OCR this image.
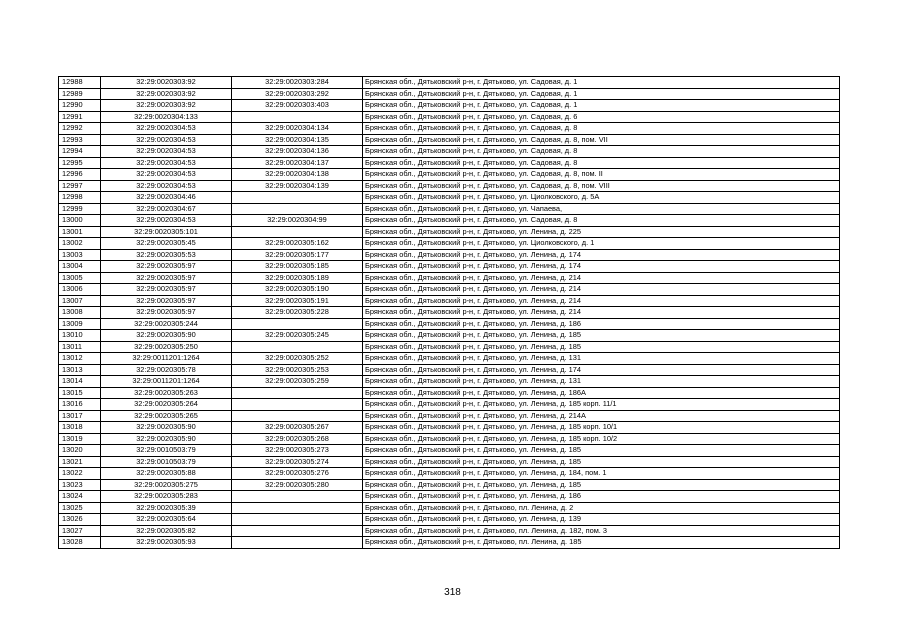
12988	32:29:0020303:92	32:29:0020303:284	Брянская обл., Дятьковский р-н, г. Дятьково, ул. Садовая, д. 1
12989	32:29:0020303:92	32:29:0020303:292	Брянская обл., Дятьковский р-н, г. Дятьково, ул. Садовая, д. 1
12990	32:29:0020303:92	32:29:0020303:403	Брянская обл., Дятьковский р-н, г. Дятьково, ул. Садовая, д. 1
12991	32:29:0020304:133		Брянская обл., Дятьковский р-н, г. Дятьково, ул. Садовая, д. 6
12992	32:29:0020304:53	32:29:0020304:134	Брянская обл., Дятьковский р-н, г. Дятьково, ул. Садовая, д. 8
12993	32:29:0020304:53	32:29:0020304:135	Брянская обл., Дятьковский р-н, г. Дятьково, ул. Садовая, д. 8, пом. VII
12994	32:29:0020304:53	32:29:0020304:136	Брянская обл., Дятьковский р-н, г. Дятьково, ул. Садовая, д. 8
12995	32:29:0020304:53	32:29:0020304:137	Брянская обл., Дятьковский р-н, г. Дятьково, ул. Садовая, д. 8
12996	32:29:0020304:53	32:29:0020304:138	Брянская обл., Дятьковский р-н, г. Дятьково, ул. Садовая, д. 8, пом. II
12997	32:29:0020304:53	32:29:0020304:139	Брянская обл., Дятьковский р-н, г. Дятьково, ул. Садовая, д. 8, пом. VIII
12998	32:29:0020304:46		Брянская обл., Дятьковский р-н, г. Дятьково, ул. Циолковского, д. 5А
12999	32:29:0020304:67		Брянская обл., Дятьковский р-н, г. Дятьково, ул. Чапаева,
13000	32:29:0020304:53	32:29:0020304:99	Брянская обл., Дятьковский р-н, г. Дятьково, ул. Садовая, д. 8
13001	32:29:0020305:101		Брянская обл., Дятьковский р-н, г. Дятьково, ул. Ленина, д. 225
13002	32:29:0020305:45	32:29:0020305:162	Брянская обл., Дятьковский р-н, г. Дятьково, ул. Циолковского, д. 1
13003	32:29:0020305:53	32:29:0020305:177	Брянская обл., Дятьковский р-н, г. Дятьково, ул. Ленина, д. 174
13004	32:29:0020305:97	32:29:0020305:185	Брянская обл., Дятьковский р-н, г. Дятьково, ул. Ленина, д. 174
13005	32:29:0020305:97	32:29:0020305:189	Брянская обл., Дятьковский р-н, г. Дятьково, ул. Ленина, д. 214
13006	32:29:0020305:97	32:29:0020305:190	Брянская обл., Дятьковский р-н, г. Дятьково, ул. Ленина, д. 214
13007	32:29:0020305:97	32:29:0020305:191	Брянская обл., Дятьковский р-н, г. Дятьково, ул. Ленина, д. 214
13008	32:29:0020305:97	32:29:0020305:228	Брянская обл., Дятьковский р-н, г. Дятьково, ул. Ленина, д. 214
13009	32:29:0020305:244		Брянская обл., Дятьковский р-н, г. Дятьково, ул. Ленина, д. 186
13010	32:29:0020305:90	32:29:0020305:245	Брянская обл., Дятьковский р-н, г. Дятьково, ул. Ленина, д. 185
13011	32:29:0020305:250		Брянская обл., Дятьковский р-н, г. Дятьково, ул. Ленина, д. 185
13012	32:29:0011201:1264	32:29:0020305:252	Брянская обл., Дятьковский р-н, г. Дятьково, ул. Ленина, д. 131
13013	32:29:0020305:78	32:29:0020305:253	Брянская обл., Дятьковский р-н, г. Дятьково, ул. Ленина, д. 174
13014	32:29:0011201:1264	32:29:0020305:259	Брянская обл., Дятьковский р-н, г. Дятьково, ул. Ленина, д. 131
13015	32:29:0020305:263		Брянская обл., Дятьковский р-н, г. Дятьково, ул. Ленина, д. 186А
13016	32:29:0020305:264		Брянская обл., Дятьковский р-н, г. Дятьково, ул. Ленина, д. 185 корп. 11/1
13017	32:29:0020305:265		Брянская обл., Дятьковский р-н, г. Дятьково, ул. Ленина, д. 214А
13018	32:29:0020305:90	32:29:0020305:267	Брянская обл., Дятьковский р-н, г. Дятьково, ул. Ленина, д. 185 корп. 10/1
13019	32:29:0020305:90	32:29:0020305:268	Брянская обл., Дятьковский р-н, г. Дятьково, ул. Ленина, д. 185 корп. 10/2
13020	32:29:0010503:79	32:29:0020305:273	Брянская обл., Дятьковский р-н, г. Дятьково, ул. Ленина, д. 185
13021	32:29:0010503:79	32:29:0020305:274	Брянская обл., Дятьковский р-н, г. Дятьково, ул. Ленина, д. 185
13022	32:29:0020305:88	32:29:0020305:276	Брянская обл., Дятьковский р-н, г. Дятьково, ул. Ленина, д. 184, пом. 1
13023	32:29:0020305:275	32:29:0020305:280	Брянская обл., Дятьковский р-н, г. Дятьково, ул. Ленина, д. 185
13024	32:29:0020305:283		Брянская обл., Дятьковский р-н, г. Дятьково, ул. Ленина, д. 186
13025	32:29:0020305:39		Брянская обл., Дятьковский р-н, г. Дятьково, пл. Ленина, д. 2
13026	32:29:0020305:64		Брянская обл., Дятьковский р-н, г. Дятьково, ул. Ленина, д. 139
13027	32:29:0020305:82		Брянская обл., Дятьковский р-н, г. Дятьково, пл. Ленина, д. 182, пом. 3
13028	32:29:0020305:93		Брянская обл., Дятьковский р-н, г. Дятьково, пл. Ленина, д. 185
318
